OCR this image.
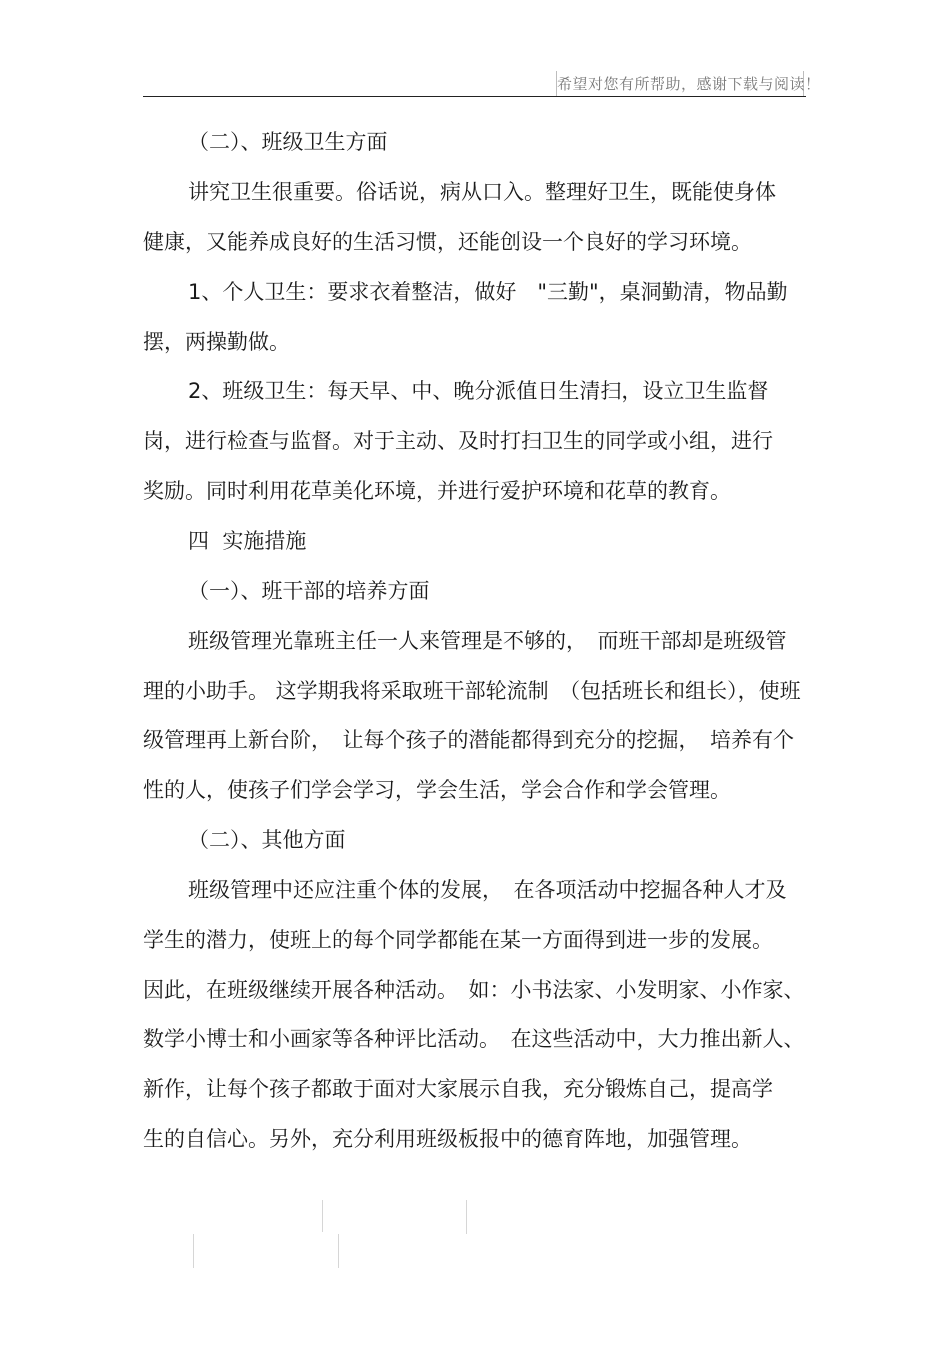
希望对您有所帮助，感谢下载与阅读！
（二）、班级卫生方面
讲究卫生很重要。俗话说，病从口入。整理好卫生，既能使身体
健康，又能养成良好的生活习惯，还能创设一个良好的学习环境。
1、个人卫生：要求衣着整洁，做好　"三勤"，桌洞勤清，物品勤
摆，两操勤做。
2、班级卫生：每天早、中、晚分派值日生清扫，设立卫生监督
岗，进行检查与监督。对于主动、及时打扫卫生的同学或小组，进行
奖励。同时利用花草美化环境，并进行爱护环境和花草的教育。
四  实施措施
（一）、班干部的培养方面
班级管理光靠班主任一人来管理是不够的，　而班干部却是班级管
理的小助手。 这学期我将采取班干部轮流制　（包括班长和组长），使班
级管理再上新台阶，　让每个孩子的潜能都得到充分的挖掘，　培养有个
性的人，使孩子们学会学习，学会生活，学会合作和学会管理。
（二）、其他方面
班级管理中还应注重个体的发展，　在各项活动中挖掘各种人才及
学生的潜力，使班上的每个同学都能在某一方面得到进一步的发展。
因此，在班级继续开展各种活动。　如：小书法家、小发明家、小作家、
数学小博士和小画家等各种评比活动。　在这些活动中，大力推出新人、
新作，让每个孩子都敢于面对大家展示自我，充分锻炼自己，提高学
生的自信心。另外，充分利用班级板报中的德育阵地，加强管理。
